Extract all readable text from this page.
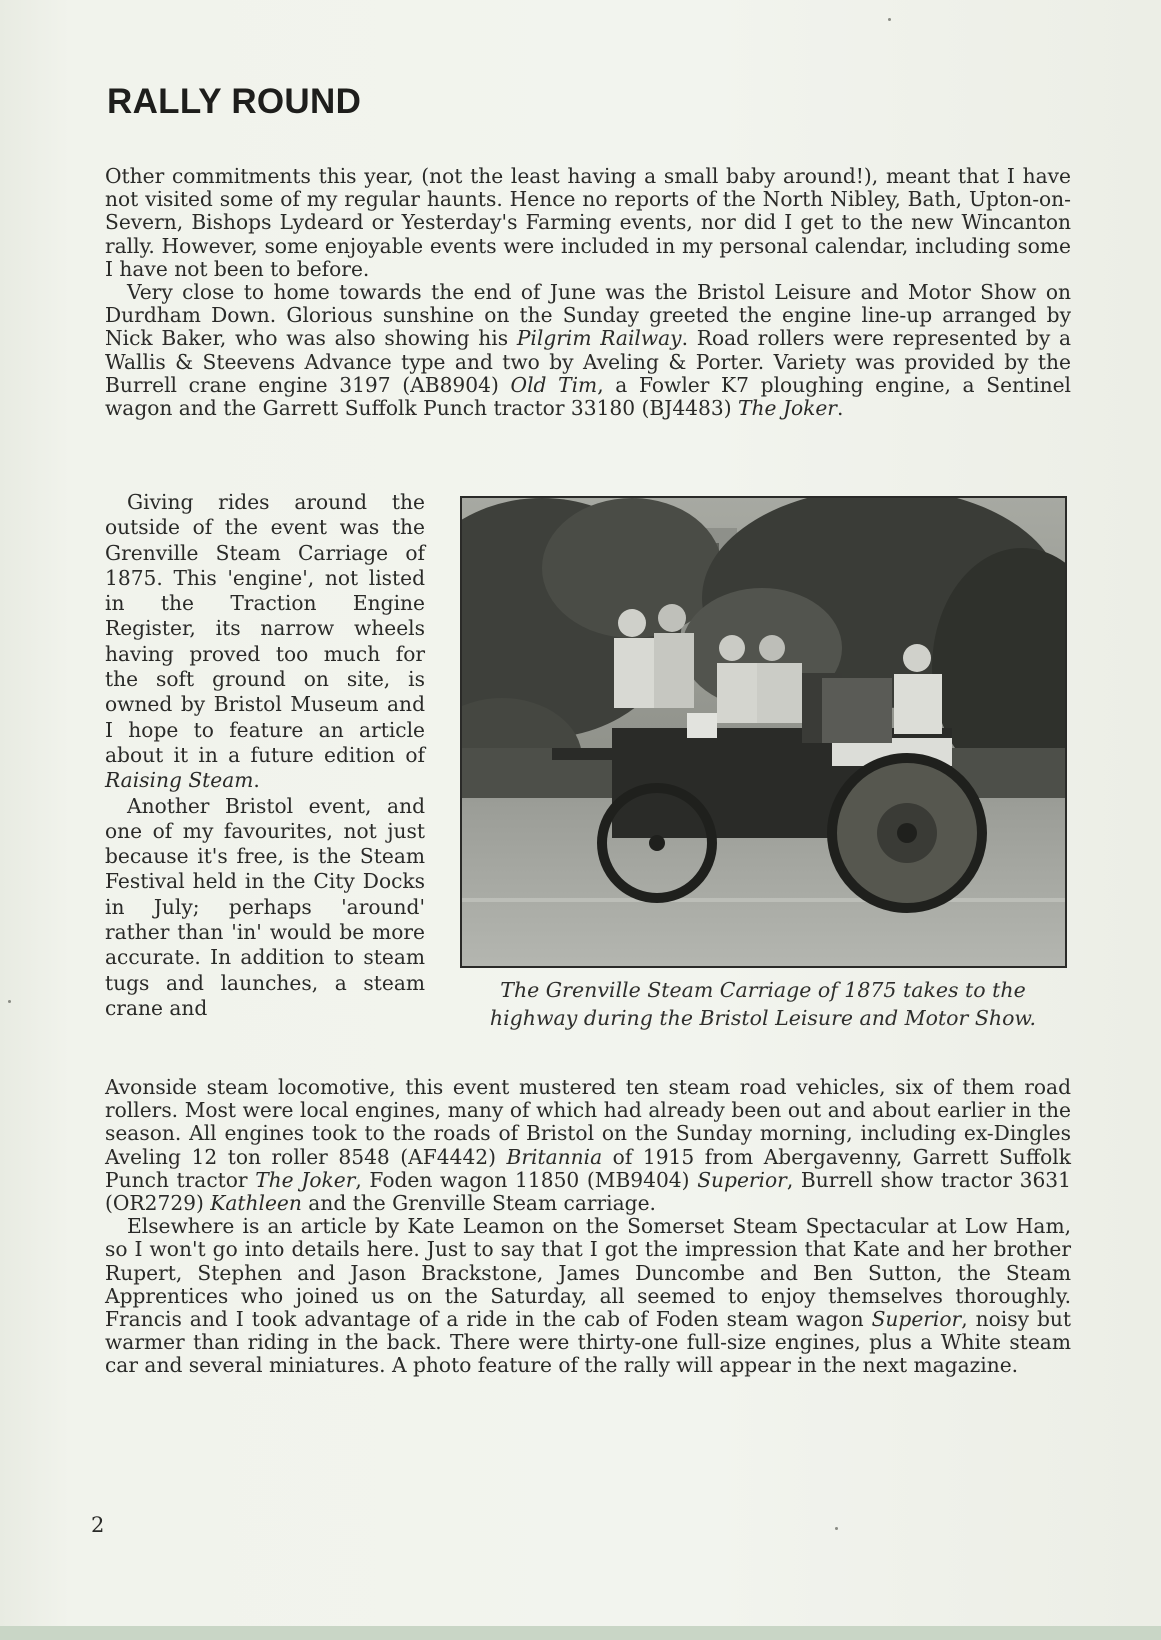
RALLY ROUND

Other commitments this year, (not the least having a small baby around!), meant that I have not visited some of my regular haunts. Hence no reports of the North Nibley, Bath, Upton-on-Severn, Bishops Lydeard or Yesterday's Farming events, nor did I get to the new Wincanton rally. However, some enjoyable events were included in my personal calendar, including some I have not been to before.

Very close to home towards the end of June was the Bristol Leisure and Motor Show on Durdham Down. Glorious sunshine on the Sunday greeted the engine line-up arranged by Nick Baker, who was also showing his Pilgrim Railway. Road rollers were represented by a Wallis & Steevens Advance type and two by Aveling & Porter. Variety was provided by the Burrell crane engine 3197 (AB8904) Old Tim, a Fowler K7 ploughing engine, a Sentinel wagon and the Garrett Suffolk Punch tractor 33180 (BJ4483) The Joker.

Giving rides around the outside of the event was the Grenville Steam Carriage of 1875. This 'engine', not listed in the Traction Engine Register, its narrow wheels having proved too much for the soft ground on site, is owned by Bristol Museum and I hope to feature an article about it in a future edition of Raising Steam.

Another Bristol event, and one of my favourites, not just because it's free, is the Steam Festival held in the City Docks in July; perhaps 'around' rather than 'in' would be more accurate. In addition to steam tugs and launches, a steam crane and

The Grenville Steam Carriage of 1875 takes to the highway during the Bristol Leisure and Motor Show.

Avonside steam locomotive, this event mustered ten steam road vehicles, six of them road rollers. Most were local engines, many of which had already been out and about earlier in the season. All engines took to the roads of Bristol on the Sunday morning, including ex-Dingles Aveling 12 ton roller 8548 (AF4442) Britannia of 1915 from Abergavenny, Garrett Suffolk Punch tractor The Joker, Foden wagon 11850 (MB9404) Superior, Burrell show tractor 3631 (OR2729) Kathleen and the Grenville Steam carriage.

Elsewhere is an article by Kate Leamon on the Somerset Steam Spectacular at Low Ham, so I won't go into details here. Just to say that I got the impression that Kate and her brother Rupert, Stephen and Jason Brackstone, James Duncombe and Ben Sutton, the Steam Apprentices who joined us on the Saturday, all seemed to enjoy themselves thoroughly. Francis and I took advantage of a ride in the cab of Foden steam wagon Superior, noisy but warmer than riding in the back. There were thirty-one full-size engines, plus a White steam car and several miniatures. A photo feature of the rally will appear in the next magazine.

2
